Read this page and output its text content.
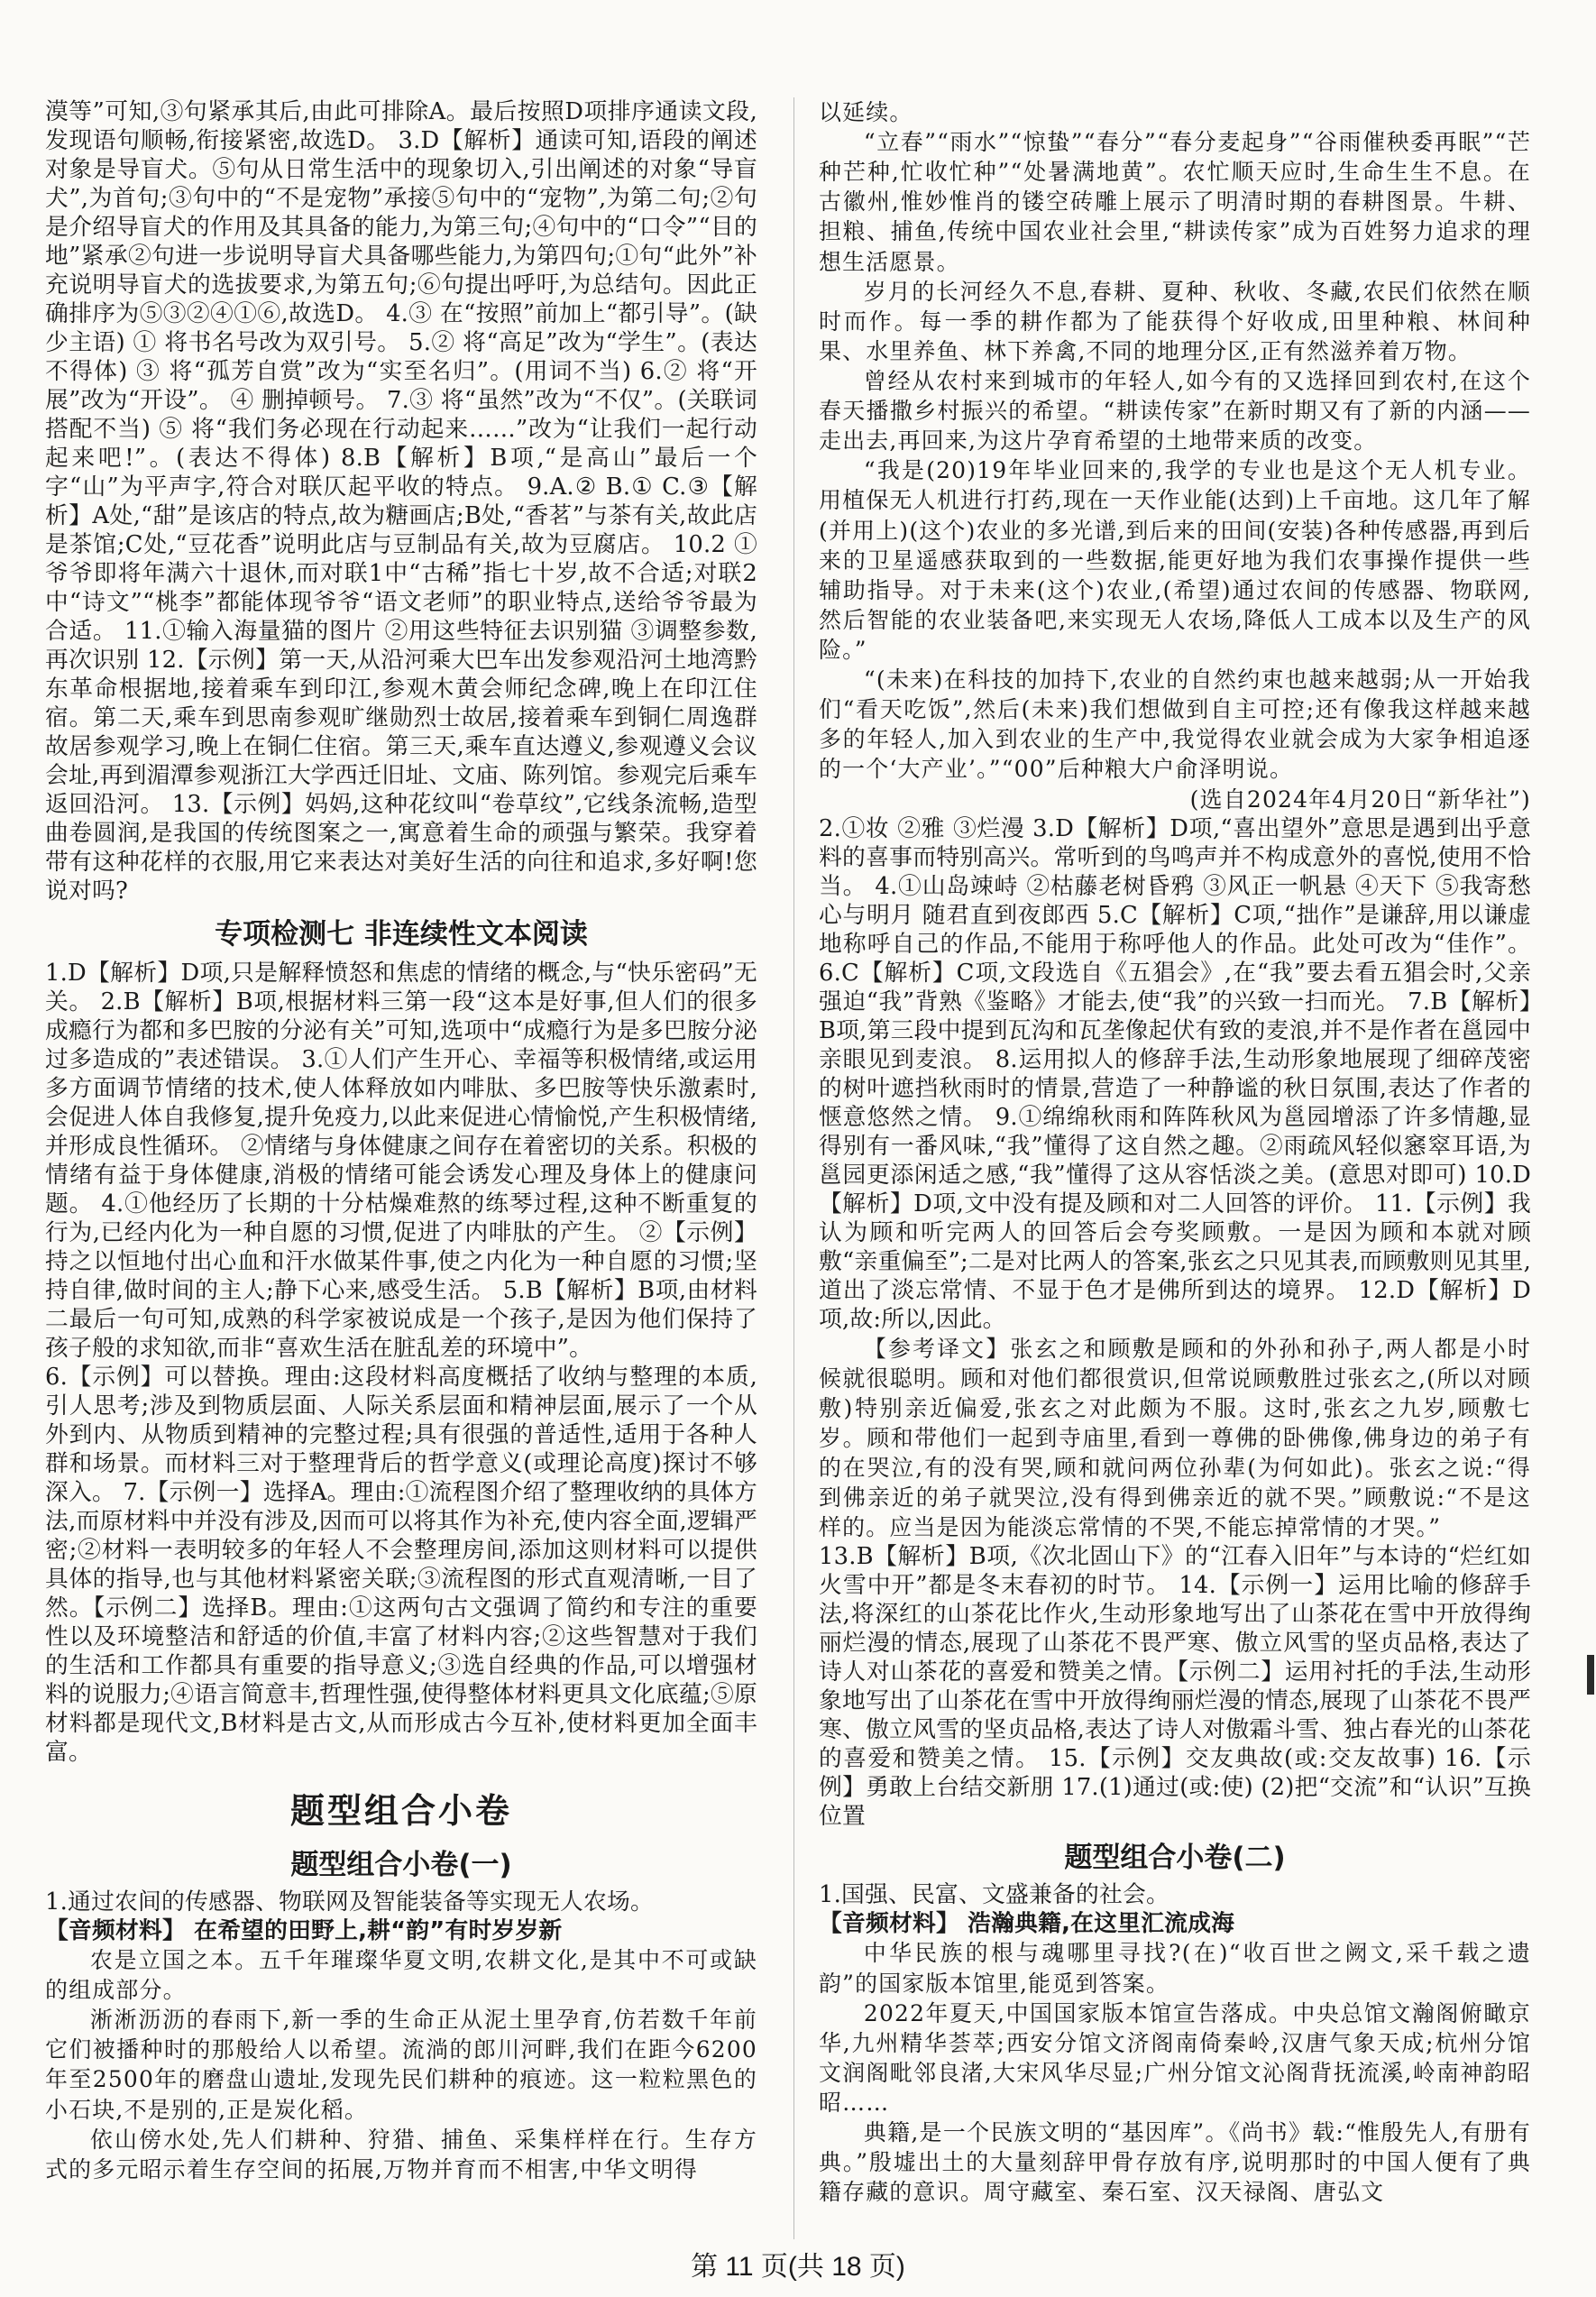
漠等”可知,③句紧承其后,由此可排除A。最后按照D项排序通读文段,发现语句顺畅,衔接紧密,故选D。 3.D【解析】通读可知,语段的阐述对象是导盲犬。⑤句从日常生活中的现象切入,引出阐述的对象“导盲犬”,为首句;③句中的“不是宠物”承接⑤句中的“宠物”,为第二句;②句是介绍导盲犬的作用及其具备的能力,为第三句;④句中的“口令”“目的地”紧承②句进一步说明导盲犬具备哪些能力,为第四句;①句“此外”补充说明导盲犬的选拔要求,为第五句;⑥句提出呼吁,为总结句。因此正确排序为⑤③②④①⑥,故选D。 4.③ 在“按照”前加上“都引导”。(缺少主语) ① 将书名号改为双引号。 5.② 将“高足”改为“学生”。(表达不得体) ③ 将“孤芳自赏”改为“实至名归”。(用词不当) 6.② 将“开展”改为“开设”。 ④ 删掉顿号。 7.③ 将“虽然”改为“不仅”。(关联词搭配不当) ⑤ 将“我们务必现在行动起来……”改为“让我们一起行动起来吧!”。(表达不得体) 8.B【解析】B项,“是高山”最后一个字“山”为平声字,符合对联仄起平收的特点。 9.A.② B.① C.③【解析】A处,“甜”是该店的特点,故为糖画店;B处,“香茗”与茶有关,故此店是茶馆;C处,“豆花香”说明此店与豆制品有关,故为豆腐店。 10.2 ①爷爷即将年满六十退休,而对联1中“古稀”指七十岁,故不合适;对联2中“诗文”“桃李”都能体现爷爷“语文老师”的职业特点,送给爷爷最为合适。 11.①输入海量猫的图片 ②用这些特征去识别猫 ③调整参数,再次识别 12.【示例】第一天,从沿河乘大巴车出发参观沿河土地湾黔东革命根据地,接着乘车到印江,参观木黄会师纪念碑,晚上在印江住宿。第二天,乘车到思南参观旷继勋烈士故居,接着乘车到铜仁周逸群故居参观学习,晚上在铜仁住宿。第三天,乘车直达遵义,参观遵义会议会址,再到湄潭参观浙江大学西迁旧址、文庙、陈列馆。参观完后乘车返回沿河。 13.【示例】妈妈,这种花纹叫“卷草纹”,它线条流畅,造型曲卷圆润,是我国的传统图案之一,寓意着生命的顽强与繁荣。我穿着带有这种花样的衣服,用它来表达对美好生活的向往和追求,多好啊!您说对吗?

专项检测七 非连续性文本阅读

1.D【解析】D项,只是解释愤怒和焦虑的情绪的概念,与“快乐密码”无关。 2.B【解析】B项,根据材料三第一段“这本是好事,但人们的很多成瘾行为都和多巴胺的分泌有关”可知,选项中“成瘾行为是多巴胺分泌过多造成的”表述错误。 3.①人们产生开心、幸福等积极情绪,或运用多方面调节情绪的技术,使人体释放如内啡肽、多巴胺等快乐激素时,会促进人体自我修复,提升免疫力,以此来促进心情愉悦,产生积极情绪,并形成良性循环。 ②情绪与身体健康之间存在着密切的关系。积极的情绪有益于身体健康,消极的情绪可能会诱发心理及身体上的健康问题。 4.①他经历了长期的十分枯燥难熬的练琴过程,这种不断重复的行为,已经内化为一种自愿的习惯,促进了内啡肽的产生。 ②【示例】持之以恒地付出心血和汗水做某件事,使之内化为一种自愿的习惯;坚持自律,做时间的主人;静下心来,感受生活。 5.B【解析】B项,由材料二最后一句可知,成熟的科学家被说成是一个孩子,是因为他们保持了孩子般的求知欲,而非“喜欢生活在脏乱差的环境中”。

6.【示例】可以替换。理由:这段材料高度概括了收纳与整理的本质,引人思考;涉及到物质层面、人际关系层面和精神层面,展示了一个从外到内、从物质到精神的完整过程;具有很强的普适性,适用于各种人群和场景。而材料三对于整理背后的哲学意义(或理论高度)探讨不够深入。 7.【示例一】选择A。理由:①流程图介绍了整理收纳的具体方法,而原材料中并没有涉及,因而可以将其作为补充,使内容全面,逻辑严密;②材料一表明较多的年轻人不会整理房间,添加这则材料可以提供具体的指导,也与其他材料紧密关联;③流程图的形式直观清晰,一目了然。【示例二】选择B。理由:①这两句古文强调了简约和专注的重要性以及环境整洁和舒适的价值,丰富了材料内容;②这些智慧对于我们的生活和工作都具有重要的指导意义;③选自经典的作品,可以增强材料的说服力;④语言简意丰,哲理性强,使得整体材料更具文化底蕴;⑤原材料都是现代文,B材料是古文,从而形成古今互补,使材料更加全面丰富。

题型组合小卷
题型组合小卷(一)

1.通过农间的传感器、物联网及智能装备等实现无人农场。

【音频材料】 在希望的田野上,耕“韵”有时岁岁新

农是立国之本。五千年璀璨华夏文明,农耕文化,是其中不可或缺的组成部分。

淅淅沥沥的春雨下,新一季的生命正从泥土里孕育,仿若数千年前它们被播种时的那般给人以希望。流淌的郎川河畔,我们在距今6200年至2500年的磨盘山遗址,发现先民们耕种的痕迹。这一粒粒黑色的小石块,不是别的,正是炭化稻。

依山傍水处,先人们耕种、狩猎、捕鱼、采集样样在行。生存方式的多元昭示着生存空间的拓展,万物并育而不相害,中华文明得

以延续。

“立春”“雨水”“惊蛰”“春分”“春分麦起身”“谷雨催秧委再眠”“芒种芒种,忙收忙种”“处暑满地黄”。农忙顺天应时,生命生生不息。在古徽州,惟妙惟肖的镂空砖雕上展示了明清时期的春耕图景。牛耕、担粮、捕鱼,传统中国农业社会里,“耕读传家”成为百姓努力追求的理想生活愿景。

岁月的长河经久不息,春耕、夏种、秋收、冬藏,农民们依然在顺时而作。每一季的耕作都为了能获得个好收成,田里种粮、林间种果、水里养鱼、林下养禽,不同的地理分区,正有然滋养着万物。

曾经从农村来到城市的年轻人,如今有的又选择回到农村,在这个春天播撒乡村振兴的希望。“耕读传家”在新时期又有了新的内涵——走出去,再回来,为这片孕育希望的土地带来质的改变。

“我是(20)19年毕业回来的,我学的专业也是这个无人机专业。用植保无人机进行打药,现在一天作业能(达到)上千亩地。这几年了解(并用上)(这个)农业的多光谱,到后来的田间(安装)各种传感器,再到后来的卫星遥感获取到的一些数据,能更好地为我们农事操作提供一些辅助指导。对于未来(这个)农业,(希望)通过农间的传感器、物联网,然后智能的农业装备吧,来实现无人农场,降低人工成本以及生产的风险。”

“(未来)在科技的加持下,农业的自然约束也越来越弱;从一开始我们“看天吃饭”,然后(未来)我们想做到自主可控;还有像我这样越来越多的年轻人,加入到农业的生产中,我觉得农业就会成为大家争相追逐的一个‘大产业’。”“00”后种粮大户俞泽明说。

(选自2024年4月20日“新华社”)

2.①妆 ②雅 ③烂漫 3.D【解析】D项,“喜出望外”意思是遇到出乎意料的喜事而特别高兴。常听到的鸟鸣声并不构成意外的喜悦,使用不恰当。 4.①山岛竦峙 ②枯藤老树昏鸦 ③风正一帆悬 ④天下 ⑤我寄愁心与明月 随君直到夜郎西 5.C【解析】C项,“拙作”是谦辞,用以谦虚地称呼自己的作品,不能用于称呼他人的作品。此处可改为“佳作”。 6.C【解析】C项,文段选自《五猖会》,在“我”要去看五猖会时,父亲强迫“我”背熟《鉴略》才能去,使“我”的兴致一扫而光。 7.B【解析】B项,第三段中提到瓦沟和瓦垄像起伏有致的麦浪,并不是作者在邕园中亲眼见到麦浪。 8.运用拟人的修辞手法,生动形象地展现了细碎茂密的树叶遮挡秋雨时的情景,营造了一种静谧的秋日氛围,表达了作者的惬意悠然之情。 9.①绵绵秋雨和阵阵秋风为邕园增添了许多情趣,显得别有一番风味,“我”懂得了这自然之趣。②雨疏风轻似窸窣耳语,为邕园更添闲适之感,“我”懂得了这从容恬淡之美。(意思对即可) 10.D【解析】D项,文中没有提及顾和对二人回答的评价。 11.【示例】我认为顾和听完两人的回答后会夸奖顾敷。一是因为顾和本就对顾敷“亲重偏至”;二是对比两人的答案,张玄之只见其表,而顾敷则见其里,道出了淡忘常情、不显于色才是佛所到达的境界。 12.D【解析】D项,故:所以,因此。

【参考译文】张玄之和顾敷是顾和的外孙和孙子,两人都是小时候就很聪明。顾和对他们都很赏识,但常说顾敷胜过张玄之,(所以对顾敷)特别亲近偏爱,张玄之对此颇为不服。这时,张玄之九岁,顾敷七岁。顾和带他们一起到寺庙里,看到一尊佛的卧佛像,佛身边的弟子有的在哭泣,有的没有哭,顾和就问两位孙辈(为何如此)。张玄之说:“得到佛亲近的弟子就哭泣,没有得到佛亲近的就不哭。”顾敷说:“不是这样的。应当是因为能淡忘常情的不哭,不能忘掉常情的才哭。”

13.B【解析】B项,《次北固山下》的“江春入旧年”与本诗的“烂红如火雪中开”都是冬末春初的时节。 14.【示例一】运用比喻的修辞手法,将深红的山茶花比作火,生动形象地写出了山茶花在雪中开放得绚丽烂漫的情态,展现了山茶花不畏严寒、傲立风雪的坚贞品格,表达了诗人对山茶花的喜爱和赞美之情。【示例二】运用衬托的手法,生动形象地写出了山茶花在雪中开放得绚丽烂漫的情态,展现了山茶花不畏严寒、傲立风雪的坚贞品格,表达了诗人对傲霜斗雪、独占春光的山茶花的喜爱和赞美之情。 15.【示例】交友典故(或:交友故事) 16.【示例】勇敢上台结交新朋 17.(1)通过(或:使) (2)把“交流”和“认识”互换位置

题型组合小卷(二)

1.国强、民富、文盛兼备的社会。

【音频材料】 浩瀚典籍,在这里汇流成海

中华民族的根与魂哪里寻找?(在)“收百世之阙文,采千载之遗韵”的国家版本馆里,能觅到答案。

2022年夏天,中国国家版本馆宣告落成。中央总馆文瀚阁俯瞰京华,九州精华荟萃;西安分馆文济阁南倚秦岭,汉唐气象天成;杭州分馆文润阁毗邻良渚,大宋风华尽显;广州分馆文沁阁背抚流溪,岭南神韵昭昭……

典籍,是一个民族文明的“基因库”。《尚书》载:“惟殷先人,有册有典。”殷墟出土的大量刻辞甲骨存放有序,说明那时的中国人便有了典籍存藏的意识。周守藏室、秦石室、汉天禄阁、唐弘文

第 11 页(共 18 页)
